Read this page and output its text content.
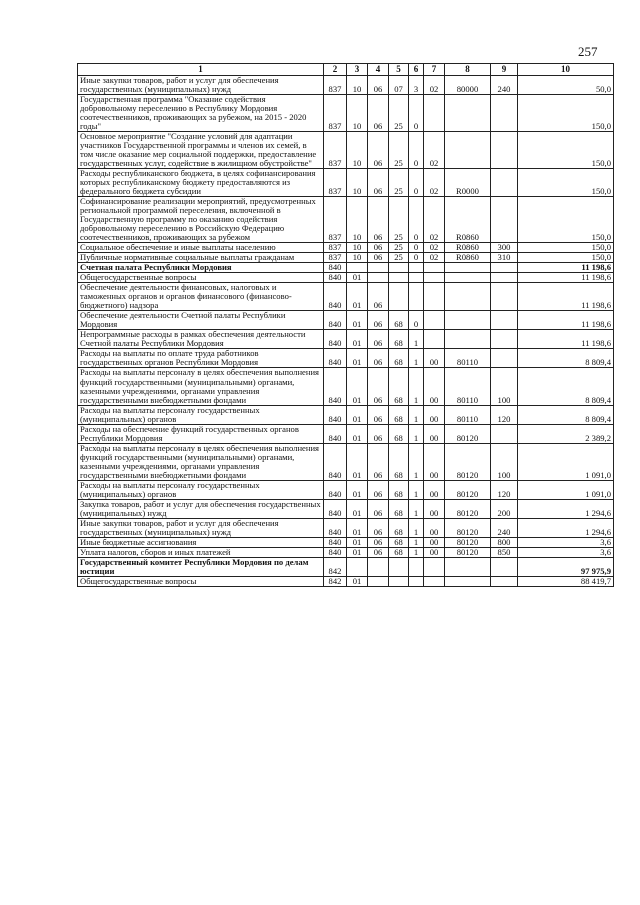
257
1	2	3	4	5	6	7	8	9	10
Иные закупки товаров, работ и услуг для обеспечения государственных (муниципальных) нужд	837	10	06	07	3	02	80000	240	50,0
Государственная программа "Оказание содействия добровольному переселению в Республику Мордовия соотечественников, проживающих за рубежом, на 2015 - 2020 годы"	837	10	06	25	0				150,0
Основное мероприятие "Создание условий для адаптации участников Государственной программы и членов их семей, в том числе оказание мер социальной поддержки, предоставление государственных услуг, содействие в жилищном обустройстве"	837	10	06	25	0	02			150,0
Расходы республиканского бюджета, в целях софинансирования которых республиканскому бюджету предоставляются из федерального бюджета субсидии	837	10	06	25	0	02	R0000		150,0
Софинансирование реализации мероприятий, предусмотренных региональной программой переселения, включенной в Государственную программу по оказанию содействия добровольному переселению в Российскую Федерацию соотечественников, проживающих за рубежом	837	10	06	25	0	02	R0860		150,0
Социальное обеспечение и иные выплаты населению	837	10	06	25	0	02	R0860	300	150,0
Публичные нормативные социальные выплаты гражданам	837	10	06	25	0	02	R0860	310	150,0
Счетная палата Республики Мордовия	840								11 198,6
Общегосударственные вопросы	840	01							11 198,6
Обеспечение деятельности финансовых, налоговых и таможенных органов и органов финансового (финансово-бюджетного) надзора	840	01	06						11 198,6
Обеспечение деятельности Счетной палаты Республики Мордовия	840	01	06	68	0				11 198,6
Непрограммные расходы в рамках обеспечения деятельности Счетной палаты Республики Мордовия	840	01	06	68	1				11 198,6
Расходы на выплаты по оплате труда работников государственных органов Республики Мордовия	840	01	06	68	1	00	80110		8 809,4
Расходы на выплаты персоналу в целях обеспечения выполнения функций государственными (муниципальными) органами, казенными учреждениями, органами управления государственными внебюджетными фондами	840	01	06	68	1	00	80110	100	8 809,4
Расходы на выплаты персоналу государственных (муниципальных) органов	840	01	06	68	1	00	80110	120	8 809,4
Расходы на обеспечение функций государственных органов Республики Мордовия	840	01	06	68	1	00	80120		2 389,2
Расходы на выплаты персоналу в целях обеспечения выполнения функций государственными (муниципальными) органами, казенными учреждениями, органами управления государственными внебюджетными фондами	840	01	06	68	1	00	80120	100	1 091,0
Расходы на выплаты персоналу государственных (муниципальных) органов	840	01	06	68	1	00	80120	120	1 091,0
Закупка товаров, работ и услуг для обеспечения государственных (муниципальных) нужд	840	01	06	68	1	00	80120	200	1 294,6
Иные закупки товаров, работ и услуг для обеспечения государственных (муниципальных) нужд	840	01	06	68	1	00	80120	240	1 294,6
Иные бюджетные ассигнования	840	01	06	68	1	00	80120	800	3,6
Уплата налогов, сборов и иных платежей	840	01	06	68	1	00	80120	850	3,6
Государственный комитет Республики Мордовия по делам юстиции	842								97 975,9
Общегосударственные вопросы	842	01							88 419,7
